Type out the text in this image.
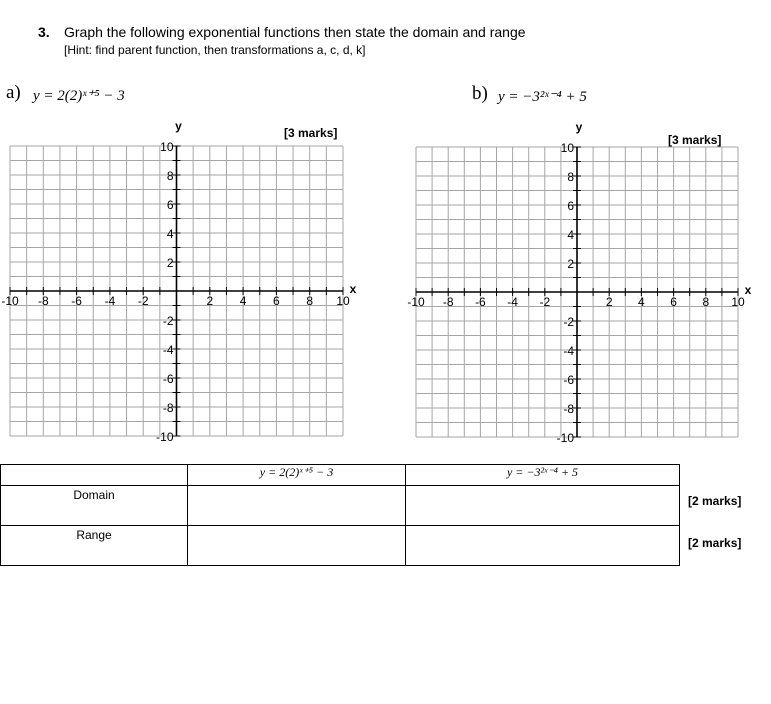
3. Graph the following exponential functions then state the domain and range
[Hint: find parent function, then transformations a, c, d, k]
a) y = 2(2)ˣ⁺⁵ − 3	b) y = −3²ˣ⁻⁴ + 5
[3 marks]	[3 marks]
-10 -8 -6 -4 -2	2 4 6 8 10
10
8
6
4
2
-2
-4
-6
-8
-10
y
x
-10 -8 -6 -4 -2	2 4 6 8 10
10
8
6
4
2
-2
-4
-6
-8
-10
y
x
	y = 2(2)ˣ⁺⁵ − 3	y = −3²ˣ⁻⁴ + 5
Domain		
Range		
[2 marks]
[2 marks]
